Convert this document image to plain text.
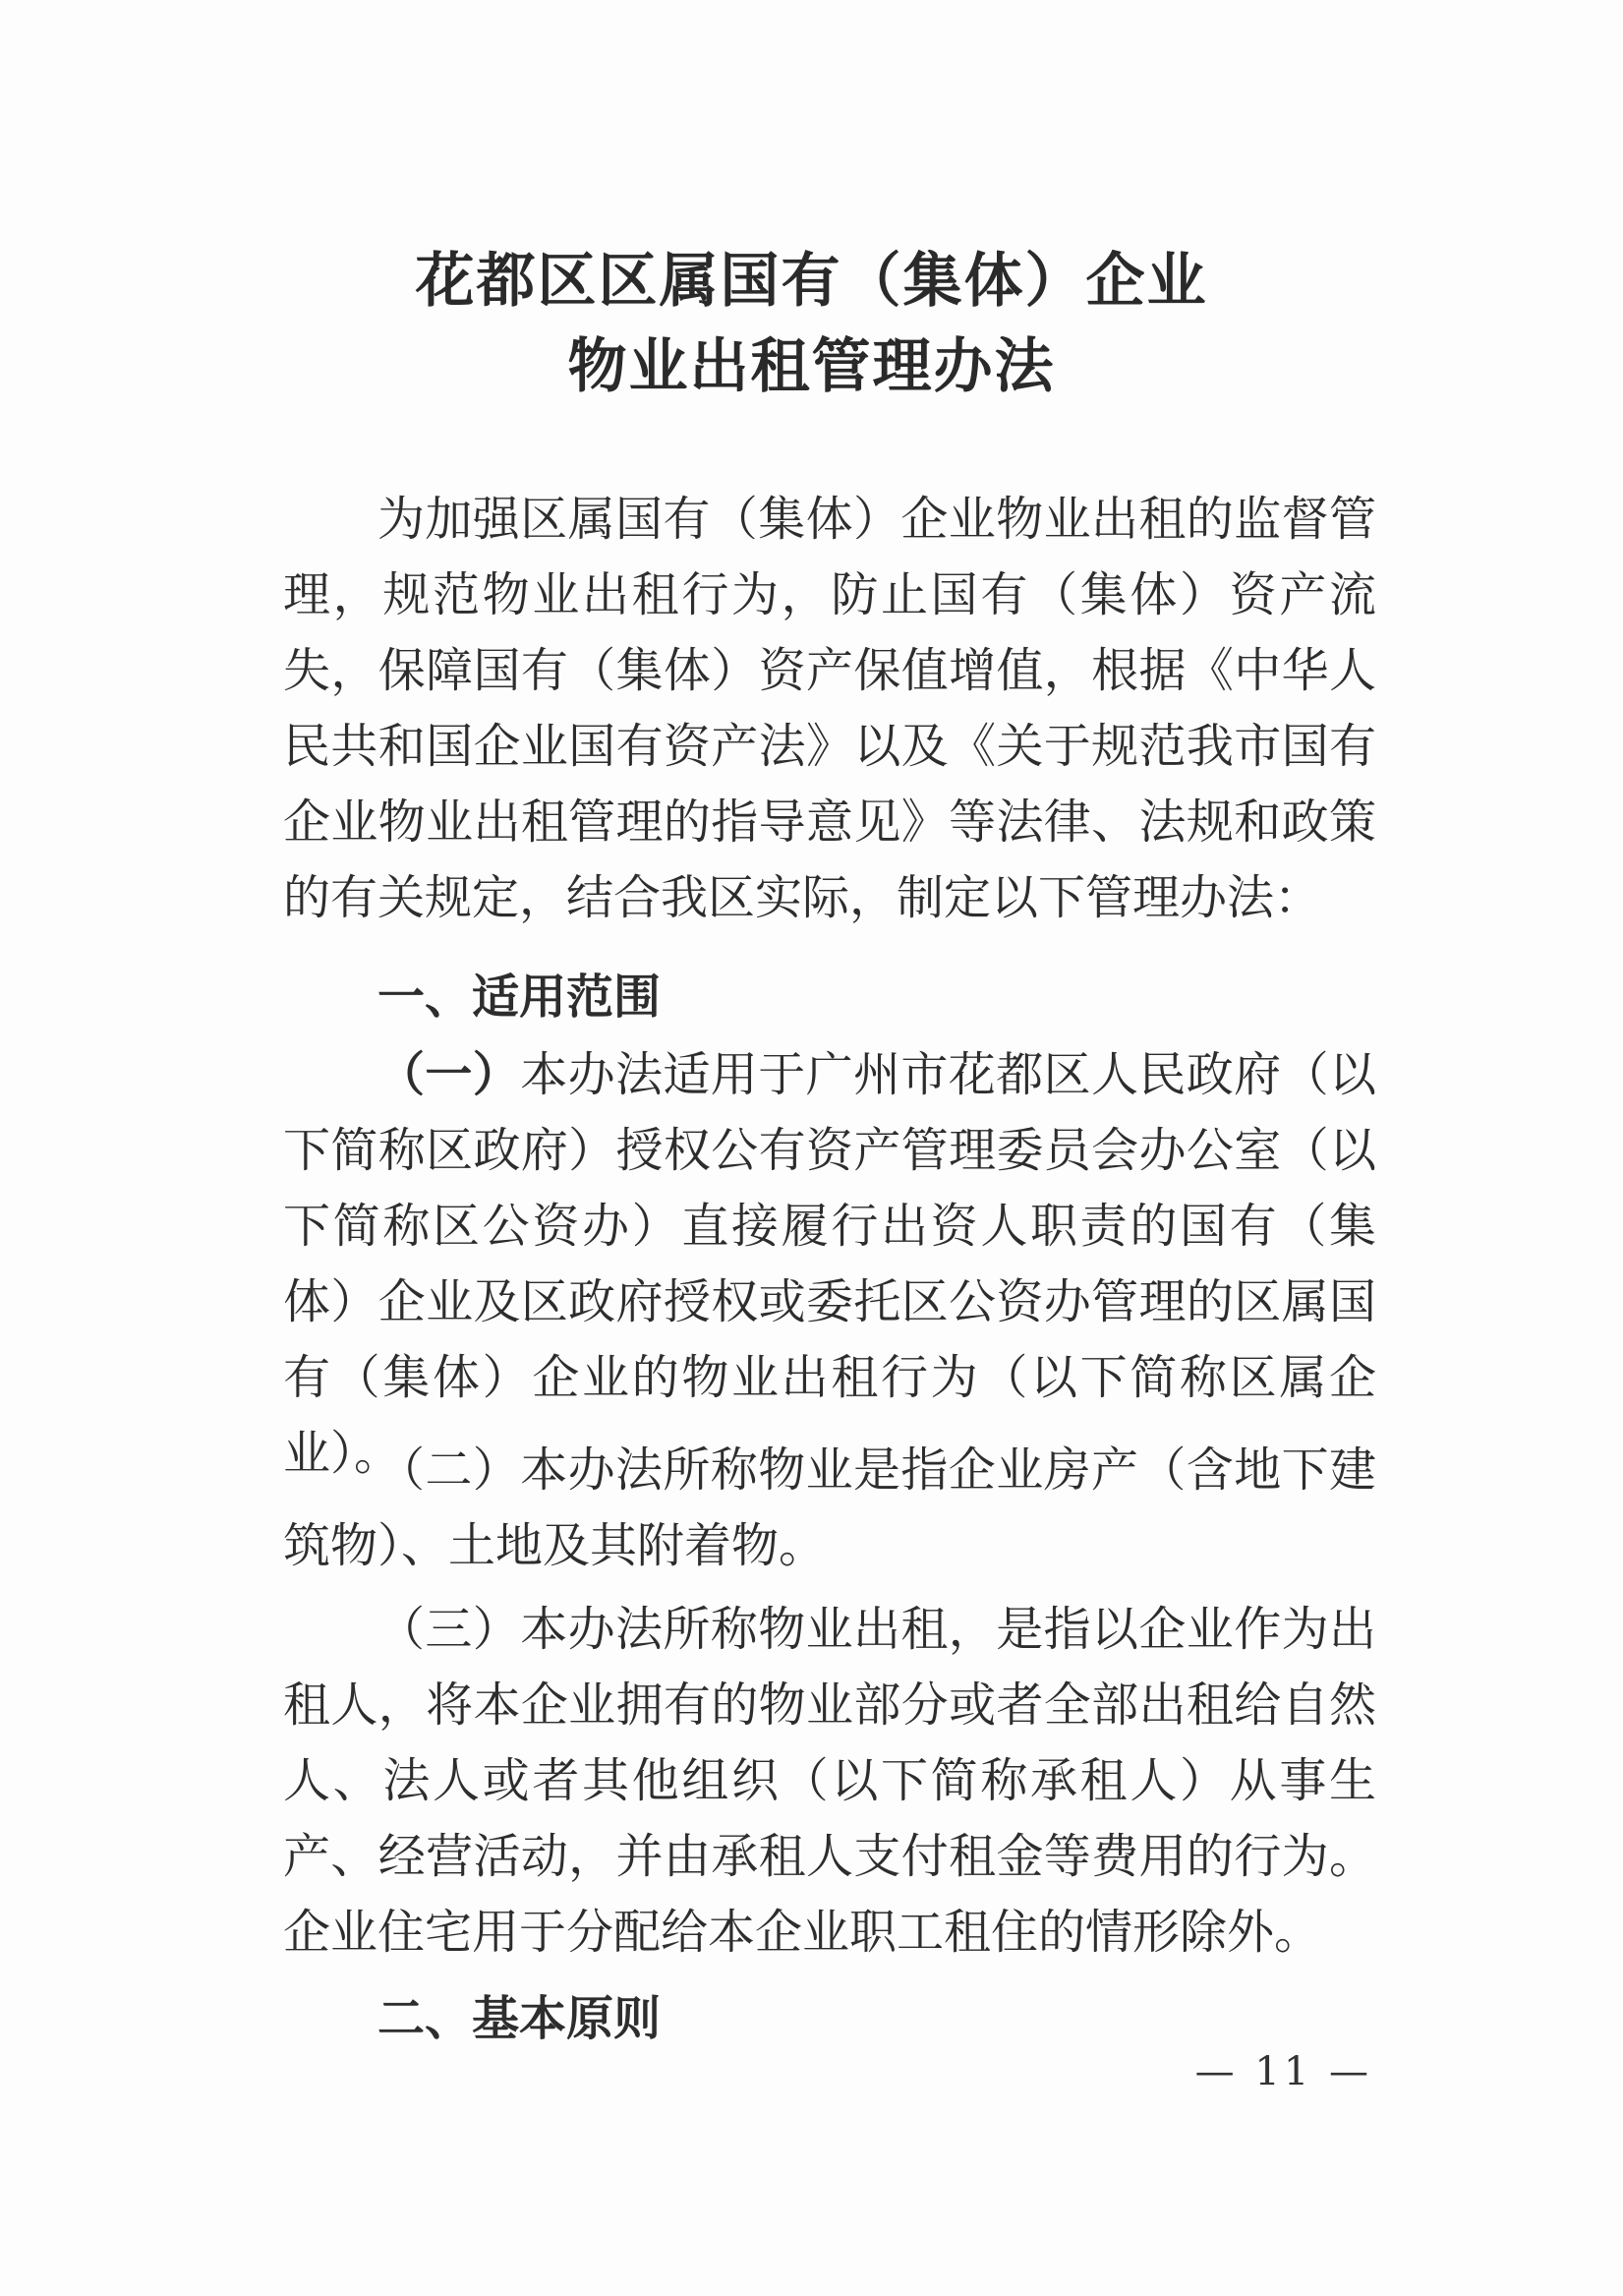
花都区区属国有（集体）企业
物业出租管理办法
为加强区属国有（集体）企业物业出租的监督管理，规范物业出租行为，防止国有（集体）资产流失，保障国有（集体）资产保值增值，根据《中华人民共和国企业国有资产法》以及《关于规范我市国有企业物业出租管理的指导意见》等法律、法规和政策的有关规定，结合我区实际，制定以下管理办法：
一、适用范围
（一）本办法适用于广州市花都区人民政府（以下简称区政府）授权公有资产管理委员会办公室（以下简称区公资办）直接履行出资人职责的国有（集体）企业及区政府授权或委托区公资办管理的区属国有（集体）企业的物业出租行为（以下简称区属企业）。
（二）本办法所称物业是指企业房产（含地下建筑物）、土地及其附着物。
（三）本办法所称物业出租，是指以企业作为出租人，将本企业拥有的物业部分或者全部出租给自然人、法人或者其他组织（以下简称承租人）从事生产、经营活动，并由承租人支付租金等费用的行为。企业住宅用于分配给本企业职工租住的情形除外。
二、基本原则
— 11 —
